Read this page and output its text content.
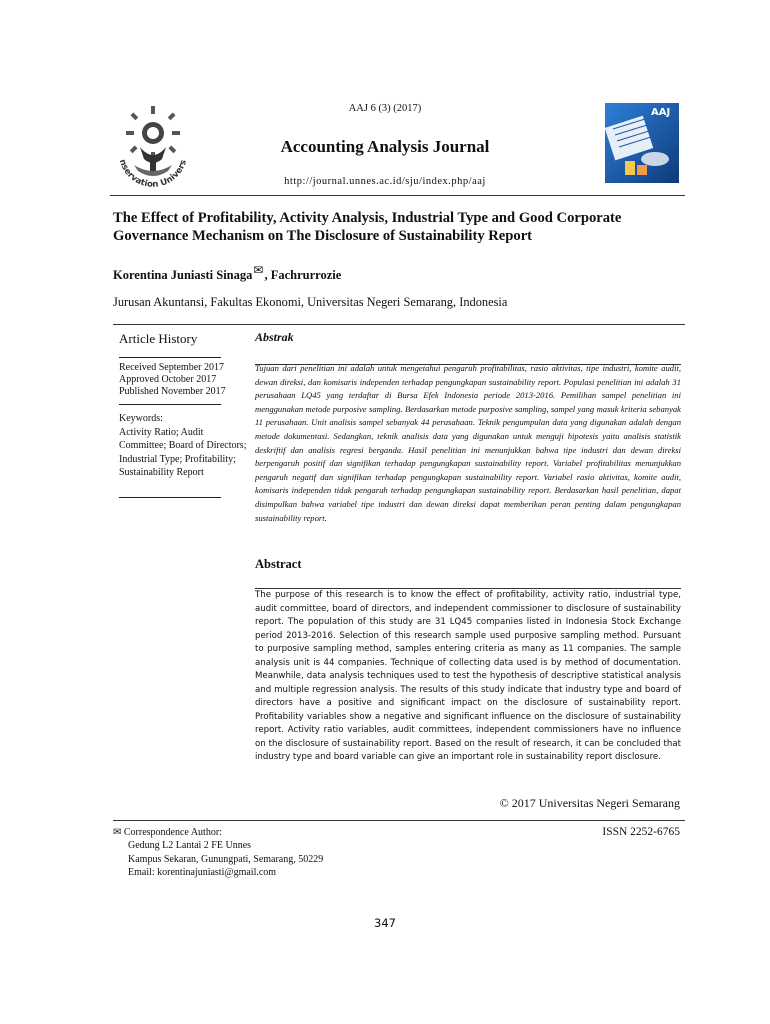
nservation Univers
AAJ
AAJ 6 (3) (2017)
Accounting Analysis Journal
http://journal.unnes.ac.id/sju/index.php/aaj
The Effect of Profitability, Activity Analysis, Industrial Type and Good Corporate Governance Mechanism on The Disclosure of Sustainability Report
Korentina Juniasti Sinaga✉, Fachrurrozie
Jurusan Akuntansi, Fakultas Ekonomi, Universitas Negeri Semarang, Indonesia
Article History
Received September 2017
Approved October 2017
Published November 2017
Keywords:
Activity Ratio; Audit Committee; Board of Directors; Industrial Type; Profitability; Sustainability Report
Abstrak
Tujuan dari penelitian ini adalah untuk mengetahui pengaruh profitabilitas, rasio aktivitas, tipe industri, komite audit, dewan direksi, dan komisaris independen terhadap pengungkapan sustainability report. Populasi penelitian ini adalah 31 perusahaan LQ45 yang terdaftar di Bursa Efek Indonesia periode 2013-2016. Pemilihan sampel penelitian ini menggunakan metode purposive sampling. Berdasarkan metode purposive sampling, sampel yang masuk kriteria sebanyak 11 perusahaan. Unit analisis sampel sebanyak 44 perusahaan. Teknik pengumpulan data yang digunakan adalah dengan metode dokumentasi. Sedangkan, teknik analisis data yang digunakan untuk menguji hipotesis yaitu analisis statistik deskriftif dan analisis regresi berganda. Hasil penelitian ini menunjukkan bahwa tipe industri dan dewan direksi berpengaruh positif dan signifikan terhadap pengungkapan sustainability report. Variabel profitabilitas menunjukkan pengaruh negatif dan signifikan terhadap pengungkapan sustainability report. Variabel rasio aktivitas, komite audit, komisaris independen tidak pengaruh terhadap pengungkapan sustainability report. Berdasarkan hasil penelitian, dapat disimpulkan bahwa variabel tipe industri dan dewan direksi dapat memberikan peran penting dalam pengungkapan sustainability report.
Abstract
The purpose of this research is to know the effect of profitability, activity ratio, industrial type, audit committee, board of directors, and independent commissioner to disclosure of sustainability report. The population of this study are 31 LQ45 companies listed in Indonesia Stock Exchange period 2013-2016. Selection of this research sample used purposive sampling method. Pursuant to purposive sampling method, samples entering criteria as many as 11 companies. The sample analysis unit is 44 companies. Technique of collecting data used is by method of documentation. Meanwhile, data analysis techniques used to test the hypothesis of descriptive statistical analysis and multiple regression analysis. The results of this study indicate that industry type and board of directors have a positive and significant impact on the disclosure of sustainability report. Profitability variables show a negative and significant influence on the disclosure of sustainability report. Activity ratio variables, audit committees, independent commissioners have no influence on the disclosure of sustainability report. Based on the result of research, it can be concluded that industry type and board variable can give an important role in sustainability report disclosure.
© 2017 Universitas Negeri Semarang
✉ Correspondence Author:
Gedung L2 Lantai 2 FE Unnes
Kampus Sekaran, Gunungpati, Semarang, 50229
Email: korentinajuniasti@gmail.com
ISSN 2252-6765
347
